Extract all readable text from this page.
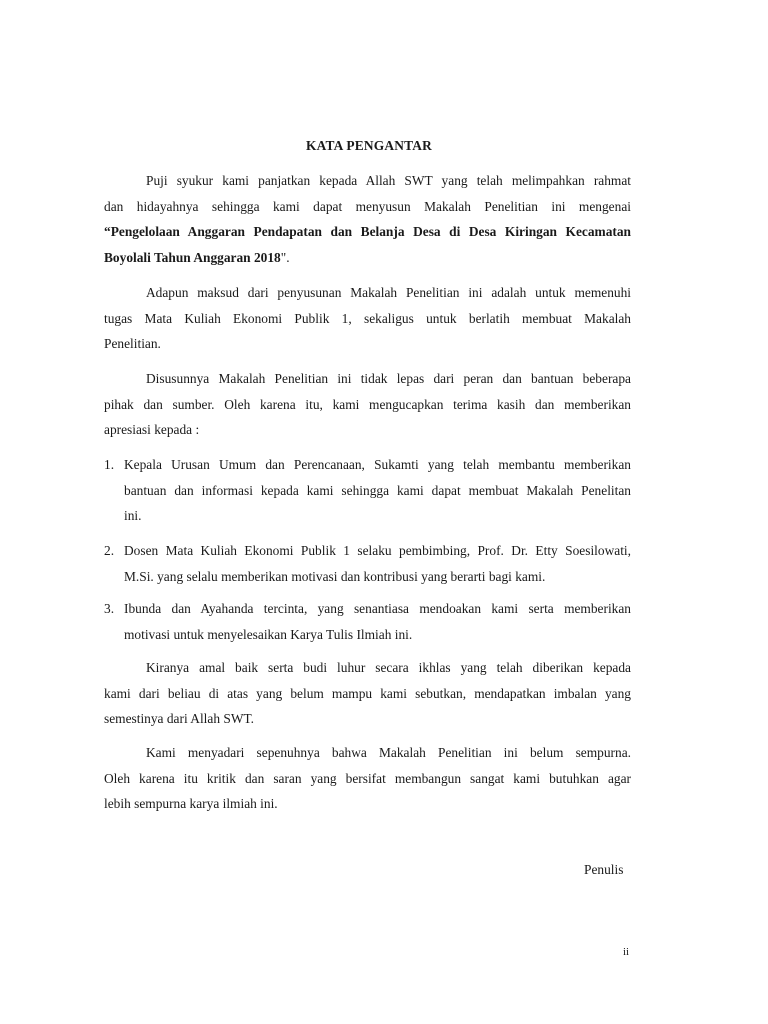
KATA PENGANTAR
Puji syukur kami panjatkan kepada Allah SWT yang telah melimpahkan rahmat
dan hidayahnya sehingga kami dapat menyusun Makalah Penelitian ini mengenai
“Pengelolaan Anggaran Pendapatan dan Belanja Desa di Desa Kiringan Kecamatan
Boyolali Tahun Anggaran 2018".
Adapun maksud dari penyusunan Makalah Penelitian ini adalah untuk memenuhi
tugas Mata Kuliah Ekonomi Publik 1, sekaligus untuk berlatih membuat Makalah
Penelitian.
Disusunnya Makalah Penelitian ini tidak lepas dari peran dan bantuan beberapa
pihak dan sumber. Oleh karena itu, kami mengucapkan terima kasih dan memberikan
apresiasi kepada :
1. Kepala Urusan Umum dan Perencanaan, Sukamti yang telah membantu memberikan
bantuan dan informasi kepada kami sehingga kami dapat membuat Makalah Penelitan
ini.
2. Dosen Mata Kuliah Ekonomi Publik 1 selaku pembimbing, Prof. Dr. Etty Soesilowati,
M.Si. yang selalu memberikan motivasi dan kontribusi yang berarti bagi kami.
3. Ibunda dan Ayahanda tercinta, yang senantiasa mendoakan kami serta memberikan
motivasi untuk menyelesaikan Karya Tulis Ilmiah ini.
Kiranya amal baik serta budi luhur secara ikhlas yang telah diberikan kepada
kami dari beliau di atas yang belum mampu kami sebutkan, mendapatkan imbalan yang
semestinya dari Allah SWT.
Kami menyadari sepenuhnya bahwa Makalah Penelitian ini belum sempurna.
Oleh karena itu kritik dan saran yang bersifat membangun sangat kami butuhkan agar
lebih sempurna karya ilmiah ini.
Penulis
ii
